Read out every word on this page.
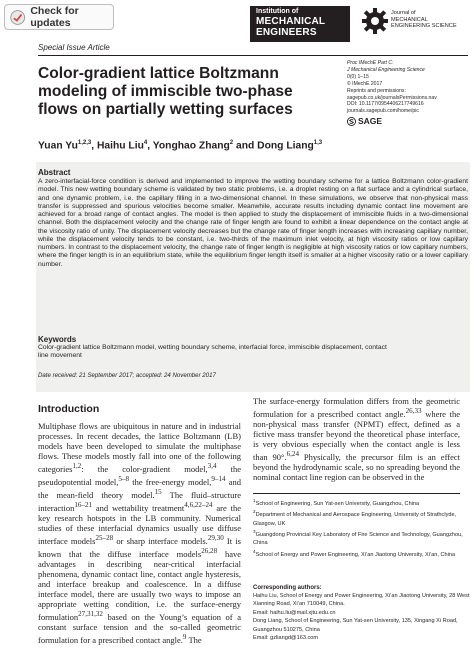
Check for updates
Institution of
MECHANICAL
ENGINEERS
Journal of
MECHANICAL
ENGINEERING SCIENCE
Special Issue Article
Color-gradient lattice Boltzmann modeling of immiscible two-phase flows on partially wetting surfaces
Proc IMechE Part C:
J Mechanical Engineering Science
0(0) 1–15
© IMechE 2017
Reprints and permissions:
sagepub.co.uk/journalsPermissions.nav
DOI: 10.1177/0954406217749616
journals.sagepub.com/home/pic
SAGE
Yuan Yu$^{1,2,3}$, Haihu Liu$^4$, Yonghao Zhang$^2$ and Dong Liang$^{1,3}$
Abstract

A zero-interfacial-force condition is derived and implemented to improve the wetting boundary scheme for a lattice Boltzmann color-gradient model. This new wetting boundary scheme is validated by two static problems, i.e. a droplet resting on a flat surface and a cylindrical surface, and one dynamic problem, i.e. the capillary filling in a two-dimensional channel. In these simulations, we observe that non-physical mass transfer is suppressed and spurious velocities become smaller. Meanwhile, accurate results including dynamic contact line movement are achieved for a broad range of contact angles. The model is then applied to study the displacement of immiscible fluids in a two-dimensional channel. Both the displacement velocity and the change rate of finger length are found to exhibit a linear dependence on the contact angle at the viscosity ratio of unity. The displacement velocity decreases but the change rate of finger length increases with increasing capillary number, while the displacement velocity tends to be constant, i.e. two-thirds of the maximum inlet velocity, at high viscosity ratios or low capillary numbers. In contrast to the displacement velocity, the change rate of finger length is negligible at high viscosity ratios or low capillary numbers, where the finger length is in an equilibrium state, while the equilibrium finger length itself is smaller at a higher viscosity ratio or a lower capillary number.

Keywords

Color-gradient lattice Boltzmann model, wetting boundary scheme, interfacial force, immiscible displacement, contact line movement

Date received: 21 September 2017; accepted: 24 November 2017
Introduction

Multiphase flows are ubiquitous in nature and in industrial processes. In recent decades, the lattice Boltzmann (LB) models have been developed to simulate the multiphase flows. These models mostly fall into one of the following categories$^{1,2}$: the color-gradient model,$^{3,4}$ the pseudopotential model,$^{5-8}$ the free-energy model,$^{9-14}$ and the mean-field theory model.$^{15}$ The fluid–structure interaction$^{16-21}$ and wettability treatment$^{4,6,22-24}$ are the key research hotspots in the LB community. Numerical studies of these interfacial dynamics usually use diffuse interface models$^{25-28}$ or sharp interface models.$^{29,30}$ It is known that the diffuse interface models$^{26,28}$ have advantages in describing near-critical interfacial phenomena, dynamic contact line, contact angle hysteresis, and interface breakup and coalescence. In a diffuse interface model, there are usually two ways to impose an appropriate wetting condition, i.e. the surface-energy formulation$^{27,31,32}$ based on the Young’s equation of a constant surface tension and the so-called geometric formulation for a prescribed contact angle.$^9$ The

The surface-energy formulation differs from the geometric formulation for a prescribed contact angle.$^{26,33}$ where the non-physical mass transfer (NPMT) effect, defined as a fictive mass transfer beyond the theoretical phase interface, is very obvious especially when the contact angle is less than 90°.$^{6,24}$ Physically, the precursor film is an effect beyond the hydrodynamic scale, so no spreading beyond the nominal contact line region can be observed in the

$^1$School of Engineering, Sun Yat-sen University, Guangzhou, China
$^2$Department of Mechanical and Aerospace Engineering, University of Strathclyde, Glasgow, UK
$^3$Guangdong Provincial Key Laboratory of Fire Science and Technology, Guangzhou, China
$^4$School of Energy and Power Engineering, Xi’an Jiaotong University, Xi’an, China
Corresponding authors:
Haihu Liu, School of Energy and Power Engineering, Xi’an Jiaotong University, 28 West Xianning Road, Xi’an 710049, China.
Email: haihu.liu@mail.xjtu.edu.cn
Dong Liang, School of Engineering, Sun Yat-sen University, 135, Xingang Xi Road, Guangzhou 510275, China
Email: gzliangd@163.com
